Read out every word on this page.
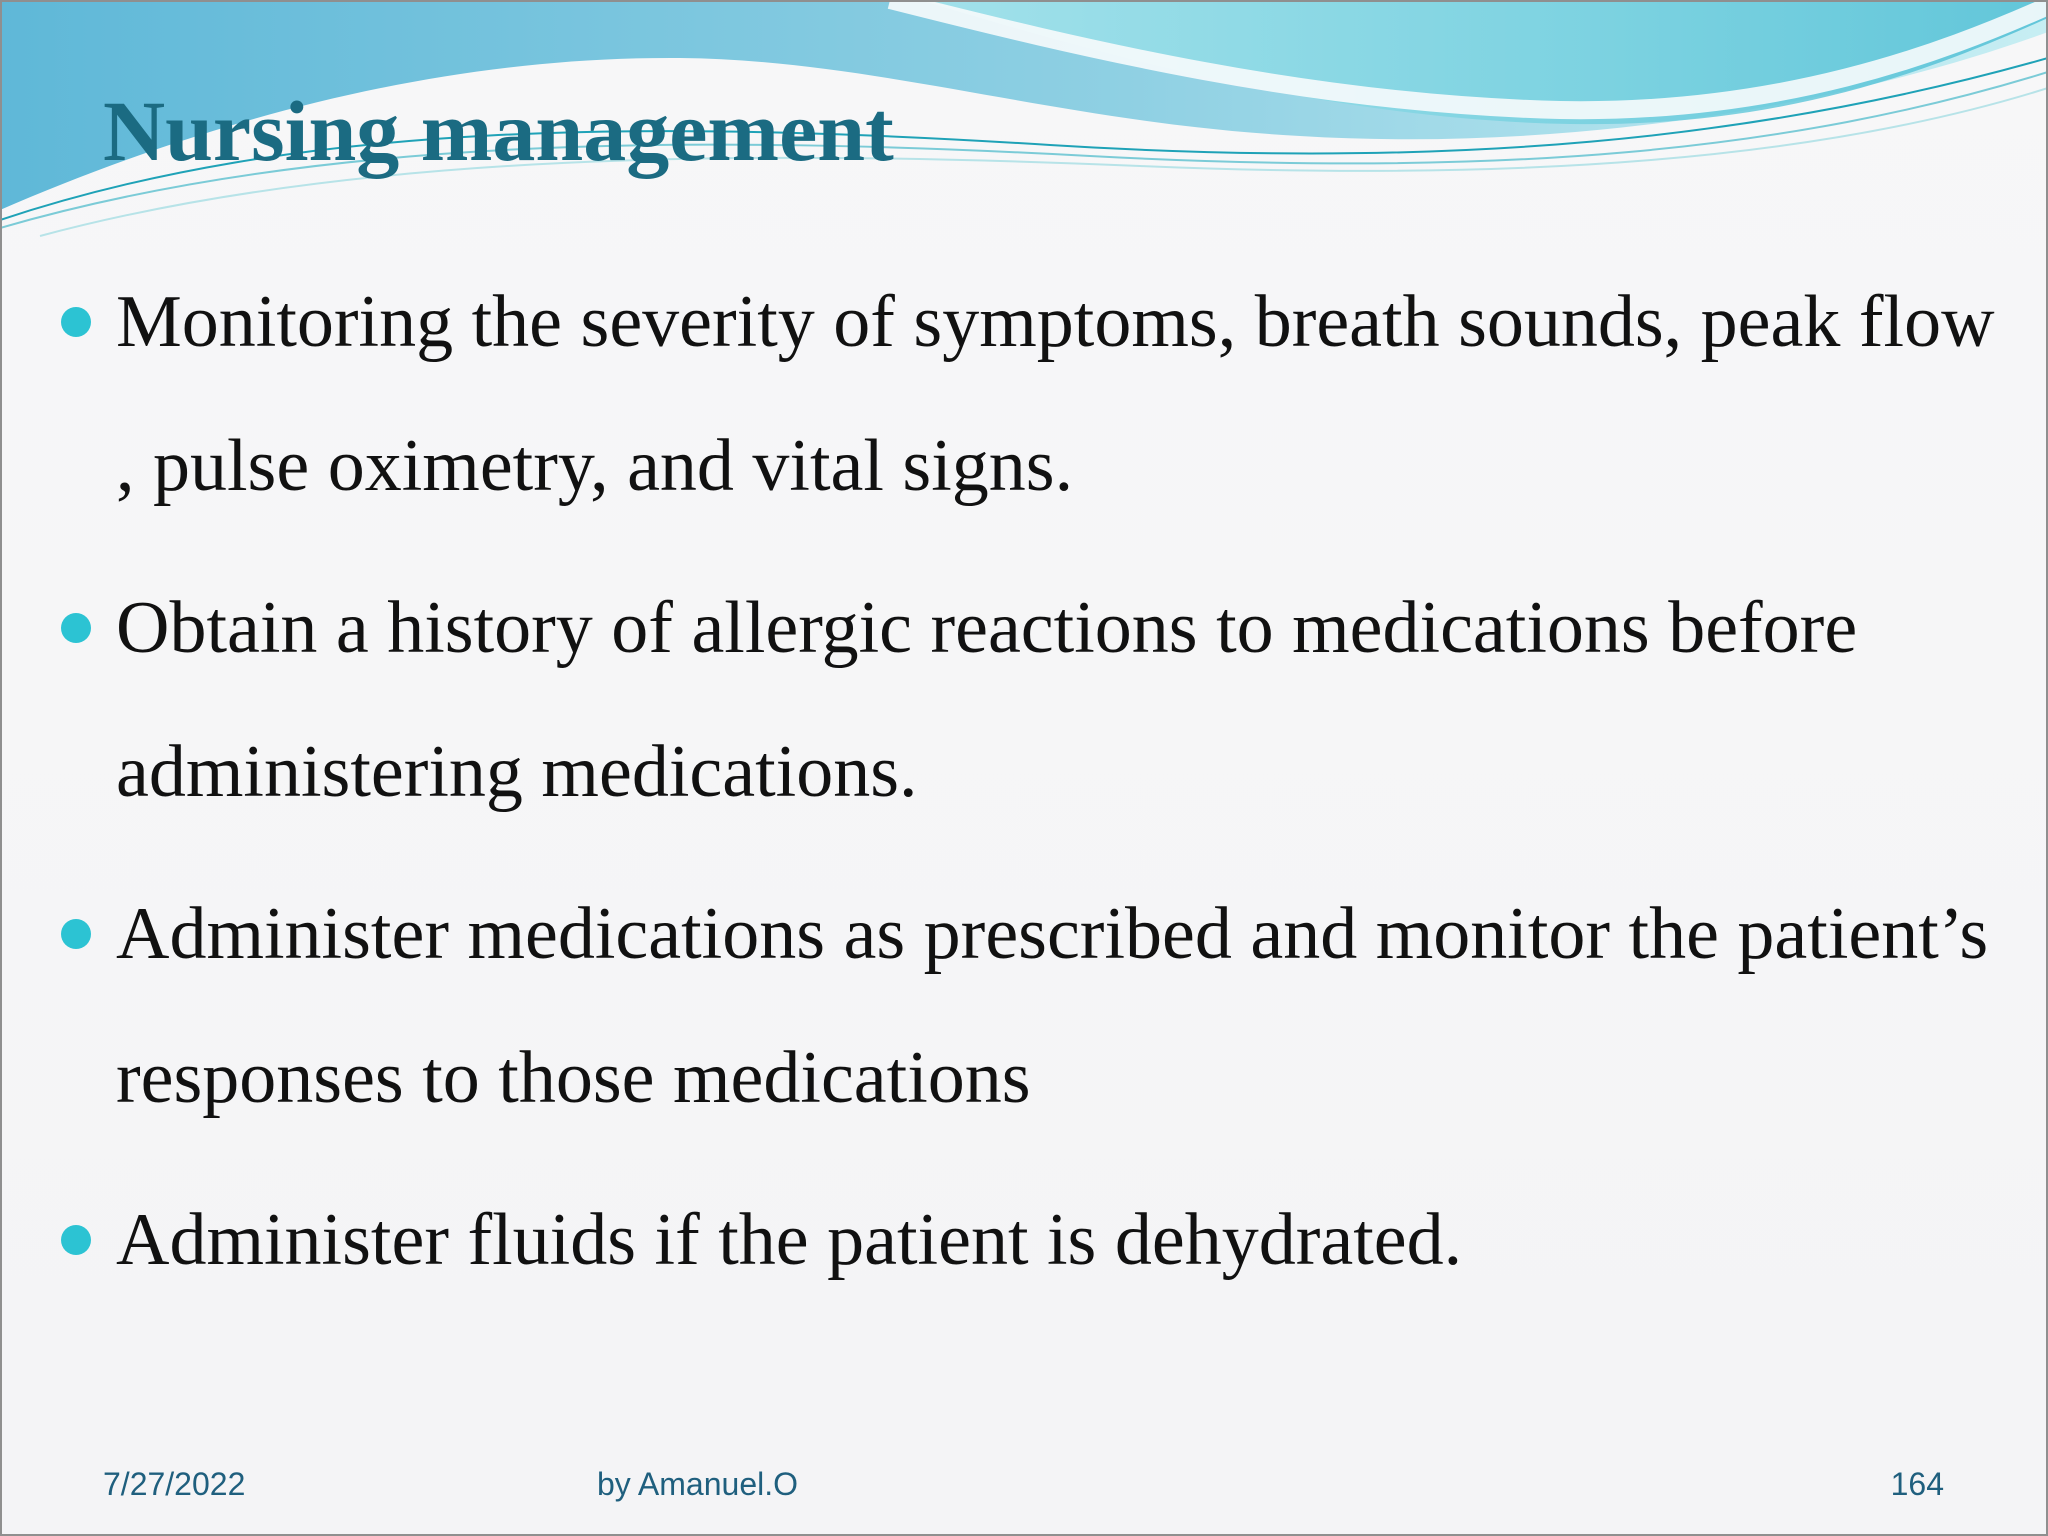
Nursing management
Monitoring the severity of symptoms, breath sounds, peak flow , pulse oximetry, and vital signs.
Obtain a history of allergic reactions to medications before administering medications.
Administer medications as prescribed and monitor the patient’s responses to those medications
Administer fluids if the patient is dehydrated.
7/27/2022	by Amanuel.O	164
